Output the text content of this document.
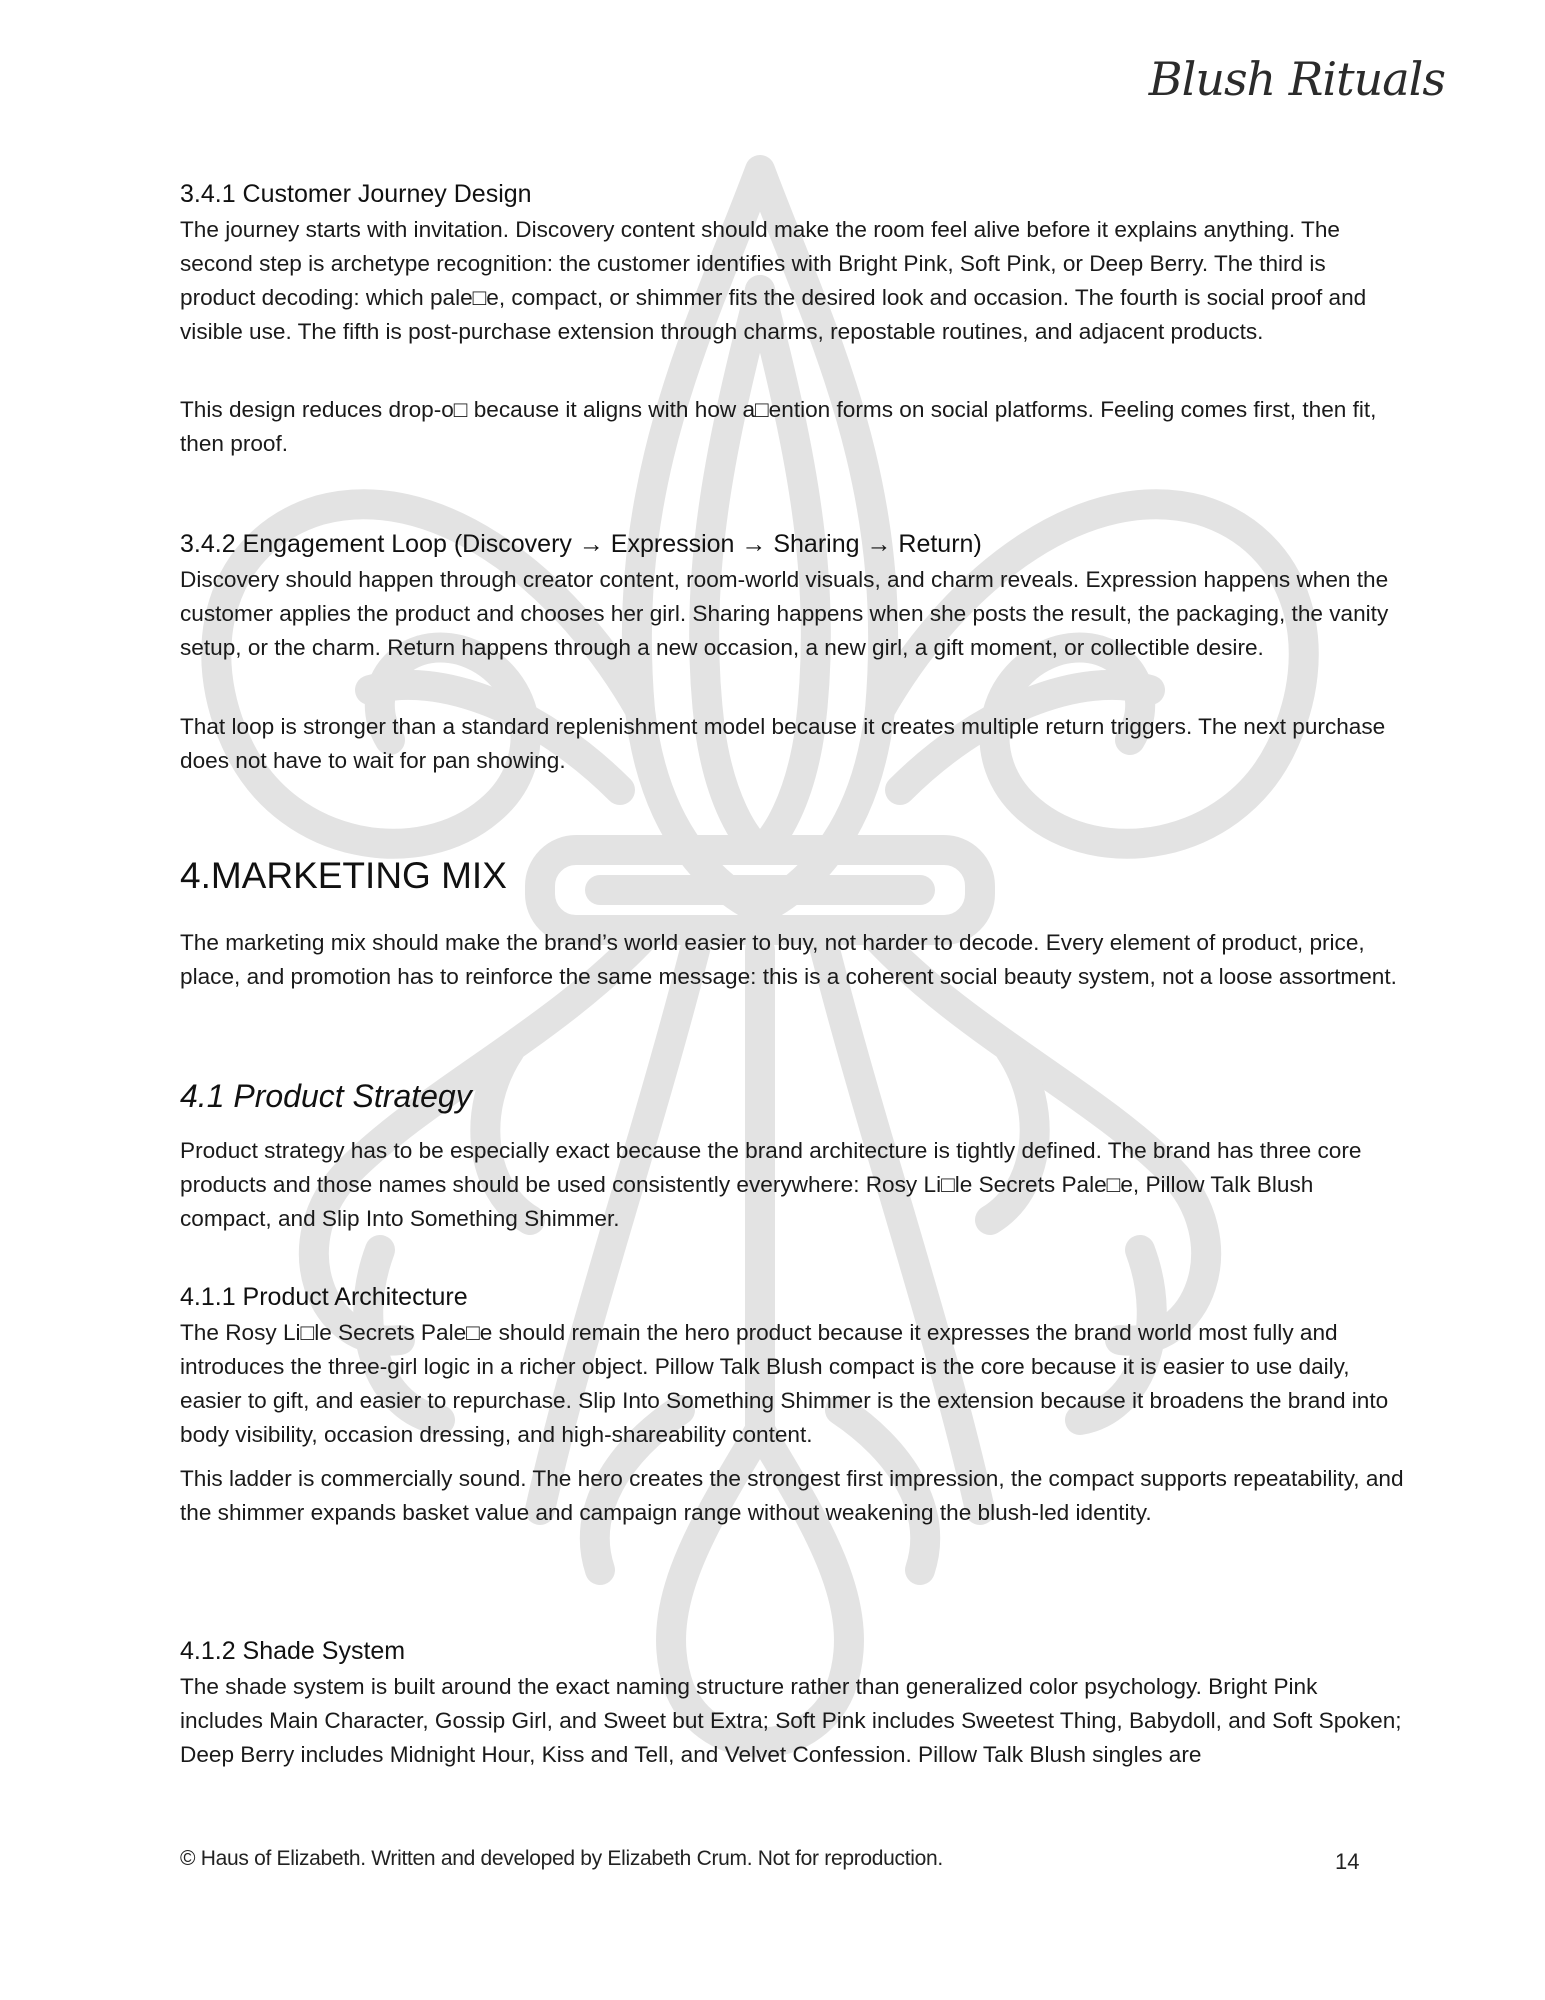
Blush Rituals
3.4.1 Customer Journey Design

The journey starts with invitation. Discovery content should make the room feel alive before it explains anything. The second step is archetype recognition: the customer identifies with Bright Pink, Soft Pink, or Deep Berry. The third is product decoding: which pale□e, compact, or shimmer fits the desired look and occasion. The fourth is social proof and visible use. The fifth is post-purchase extension through charms, repostable routines, and adjacent products.

This design reduces drop-o□ because it aligns with how a□ention forms on social platforms. Feeling comes first, then fit, then proof.

3.4.2 Engagement Loop (Discovery → Expression → Sharing → Return)

Discovery should happen through creator content, room-world visuals, and charm reveals. Expression happens when the customer applies the product and chooses her girl. Sharing happens when she posts the result, the packaging, the vanity setup, or the charm. Return happens through a new occasion, a new girl, a gift moment, or collectible desire.

That loop is stronger than a standard replenishment model because it creates multiple return triggers. The next purchase does not have to wait for pan showing.

4.MARKETING MIX

The marketing mix should make the brand’s world easier to buy, not harder to decode. Every element of product, price, place, and promotion has to reinforce the same message: this is a coherent social beauty system, not a loose assortment.

4.1 Product Strategy

Product strategy has to be especially exact because the brand architecture is tightly defined. The brand has three core products and those names should be used consistently everywhere: Rosy Li□le Secrets Pale□e, Pillow Talk Blush compact, and Slip Into Something Shimmer.

4.1.1 Product Architecture

The Rosy Li□le Secrets Pale□e should remain the hero product because it expresses the brand world most fully and introduces the three-girl logic in a richer object. Pillow Talk Blush compact is the core because it is easier to use daily, easier to gift, and easier to repurchase. Slip Into Something Shimmer is the extension because it broadens the brand into body visibility, occasion dressing, and high-shareability content.

This ladder is commercially sound. The hero creates the strongest first impression, the compact supports repeatability, and the shimmer expands basket value and campaign range without weakening the blush-led identity.

4.1.2 Shade System

The shade system is built around the exact naming structure rather than generalized color psychology. Bright Pink includes Main Character, Gossip Girl, and Sweet but Extra; Soft Pink includes Sweetest Thing, Babydoll, and Soft Spoken; Deep Berry includes Midnight Hour, Kiss and Tell, and Velvet Confession. Pillow Talk Blush singles are

© Haus of Elizabeth. Written and developed by Elizabeth Crum. Not for reproduction.	14
